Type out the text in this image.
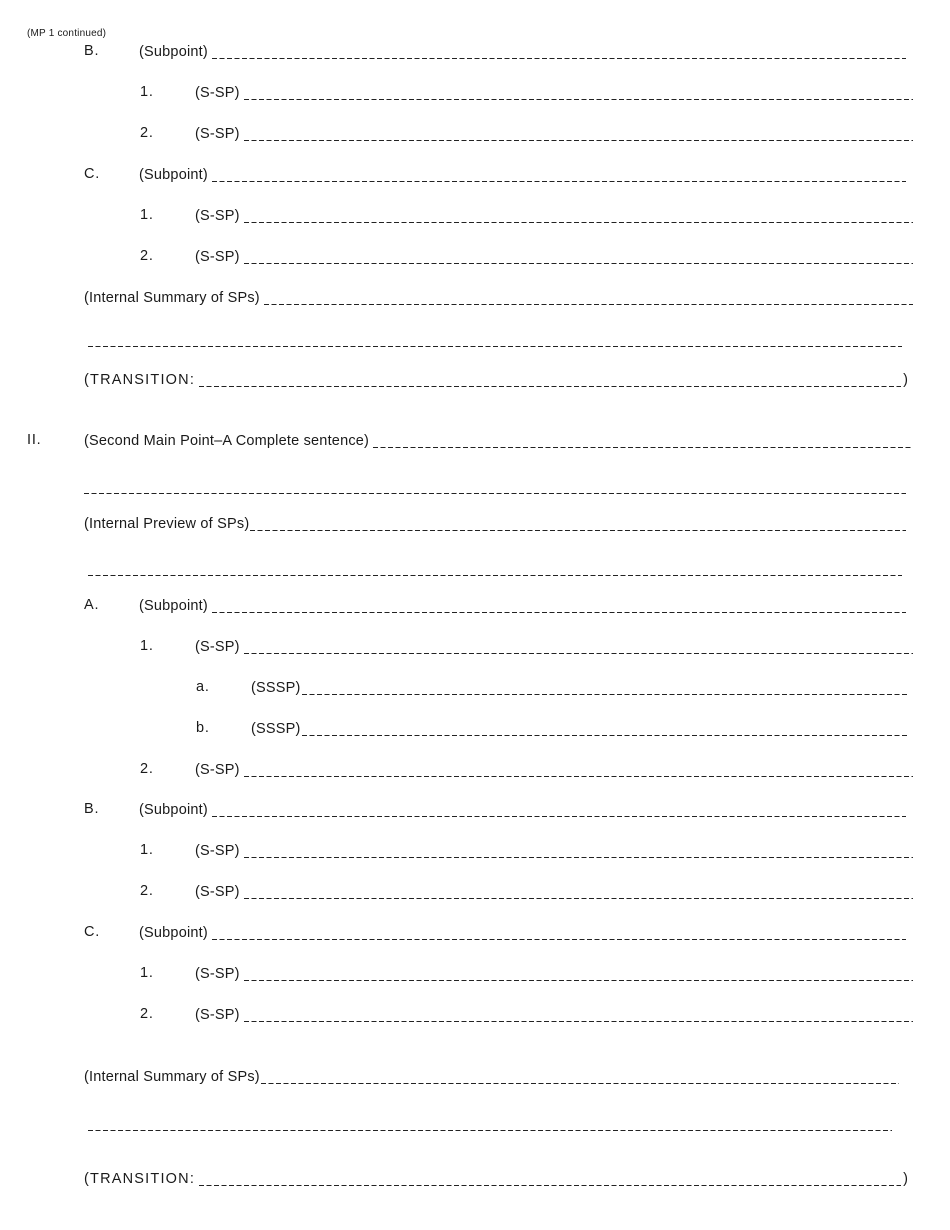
(MP 1 continued)
B.	(Subpoint)
1.	(S-SP)
2.	(S-SP)
C.	(Subpoint)
1.	(S-SP)
2.	(S-SP)
(Internal Summary of SPs)
(TRANSITION:	)
II.	(Second Main Point–A Complete sentence)
(Internal Preview of SPs)
A.	(Subpoint)
1.	(S-SP)
a.	(SSSP)
b.	(SSSP)
2.	(S-SP)
B.	(Subpoint)
1.	(S-SP)
2.	(S-SP)
C.	(Subpoint)
1.	(S-SP)
2.	(S-SP)
(Internal Summary of SPs)
(TRANSITION:	)
